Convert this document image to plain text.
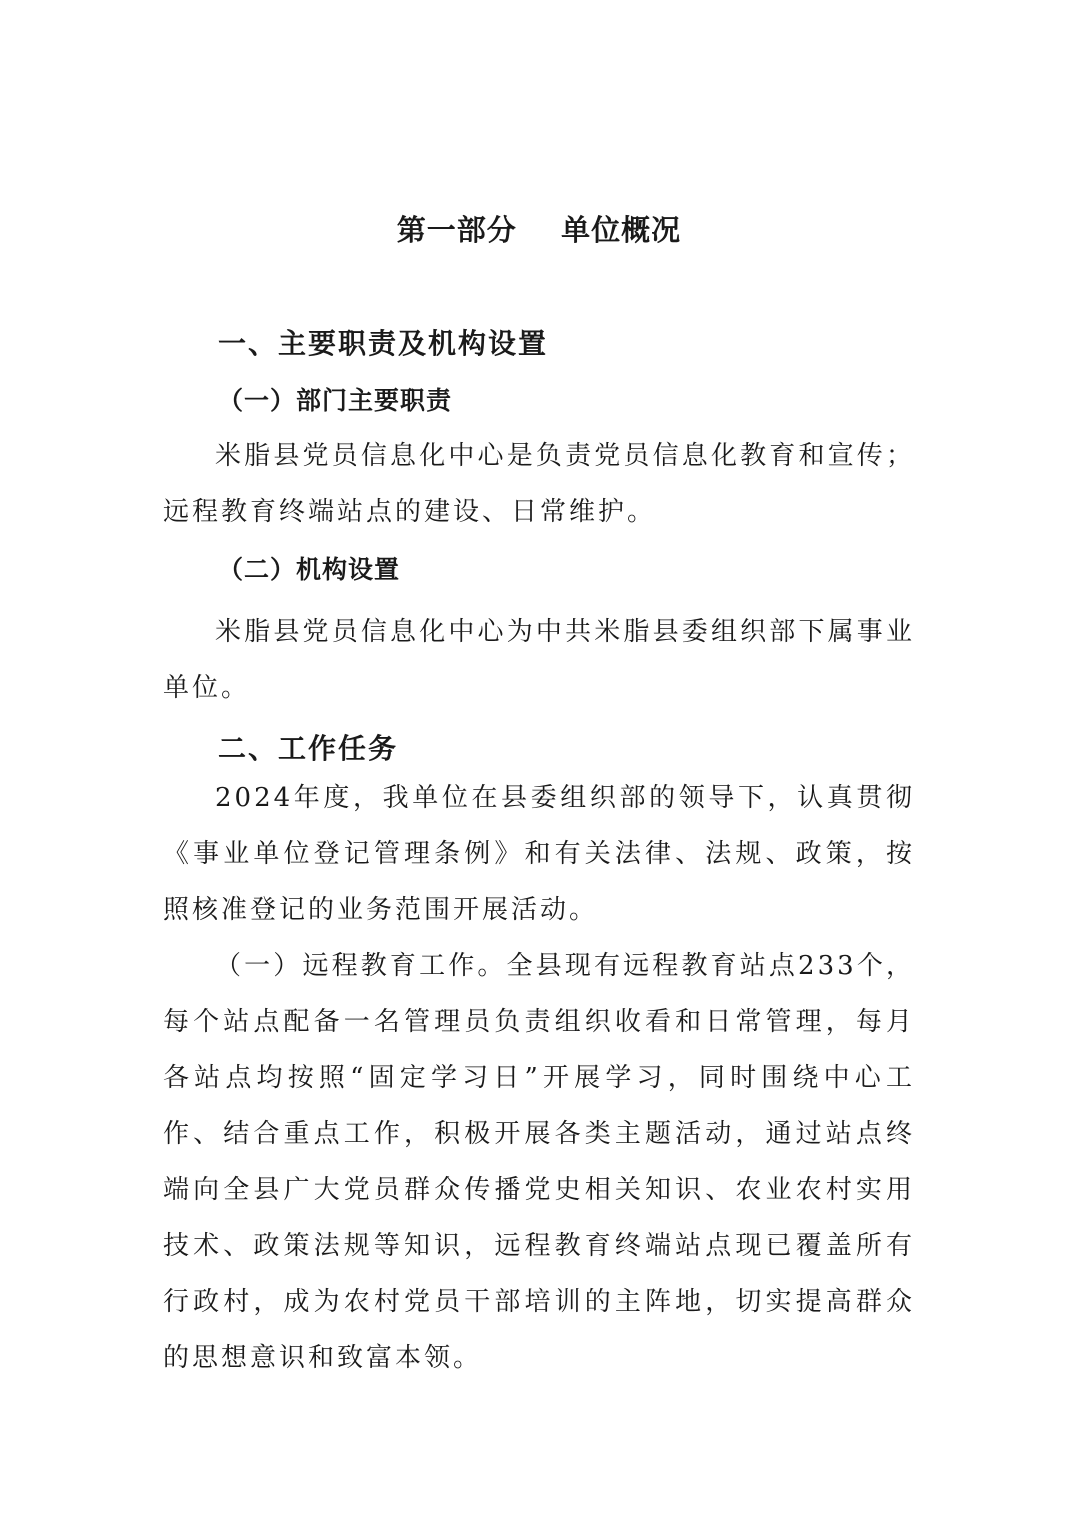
第一部分    单位概况
一、主要职责及机构设置
（一）部门主要职责

米脂县党员信息化中心是负责党员信息化教育和宣传；远程教育终端站点的建设、日常维护。

（二）机构设置

米脂县党员信息化中心为中共米脂县委组织部下属事业单位。

二、工作任务

2024年度，我单位在县委组织部的领导下，认真贯彻《事业单位登记管理条例》和有关法律、法规、政策，按照核准登记的业务范围开展活动。

（一）远程教育工作。全县现有远程教育站点233个，每个站点配备一名管理员负责组织收看和日常管理，每月各站点均按照“固定学习日”开展学习，同时围绕中心工作、结合重点工作，积极开展各类主题活动，通过站点终端向全县广大党员群众传播党史相关知识、农业农村实用技术、政策法规等知识，远程教育终端站点现已覆盖所有行政村，成为农村党员干部培训的主阵地，切实提高群众的思想意识和致富本领。
